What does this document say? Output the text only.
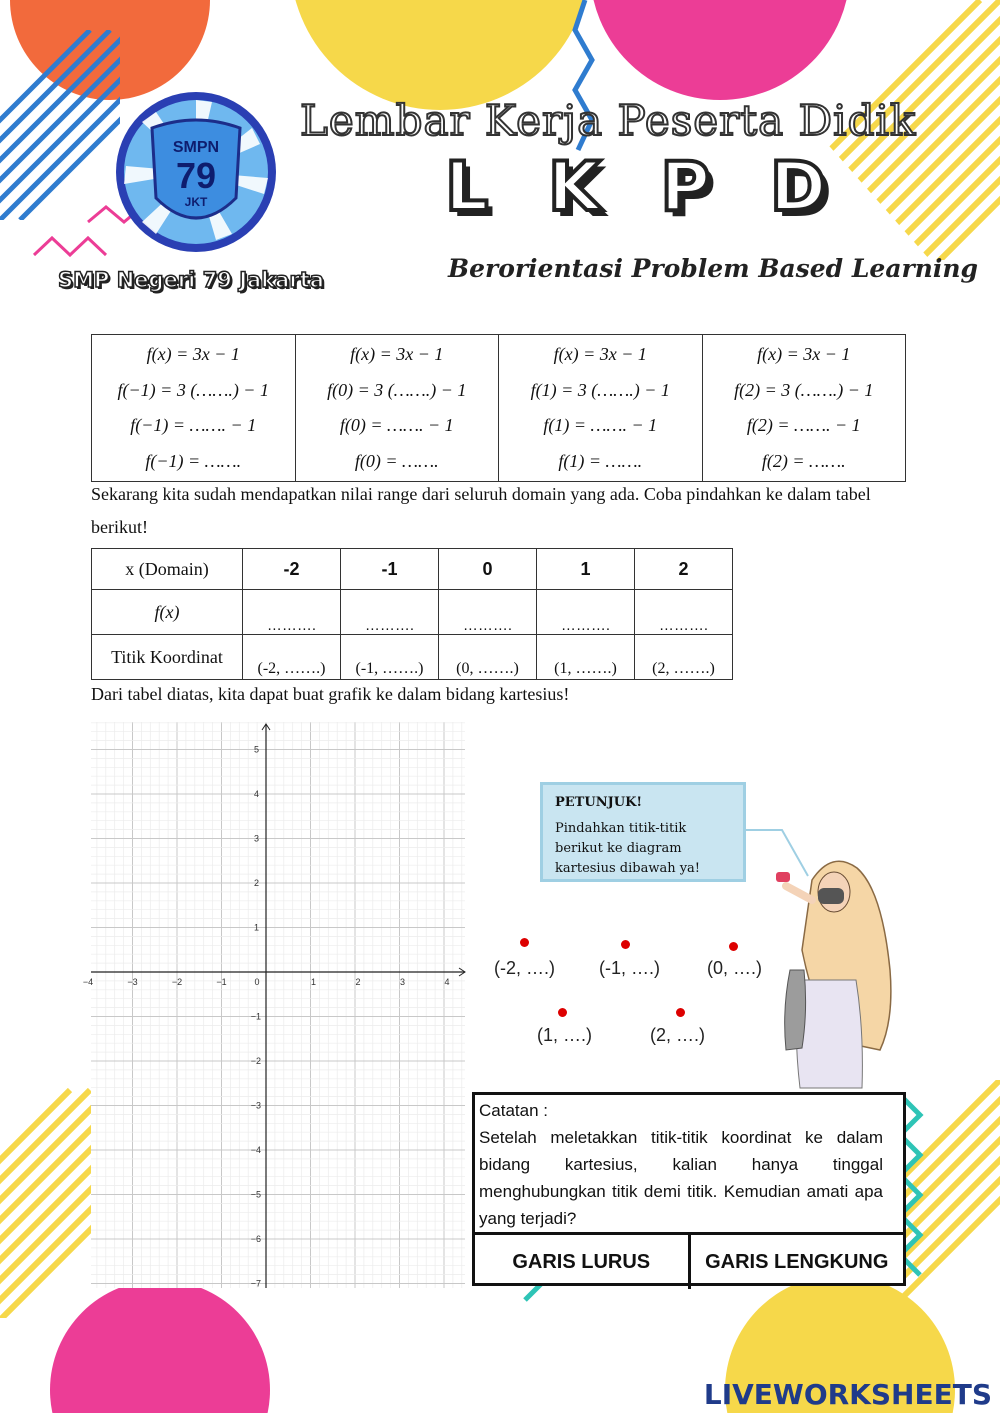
SMPN
79
JKT
Lembar Kerja Peserta Didik
L K P D
Berorientasi Problem Based Learning
SMP Negeri 79 Jakarta
f(x) = 3x − 1
f(−1) = 3 (…….) − 1
f(−1) = ……. − 1
f(−1) = …….

f(x) = 3x − 1
f(0) = 3 (…….) − 1
f(0) = ……. − 1
f(0) = …….

f(x) = 3x − 1
f(1) = 3 (…….) − 1
f(1) = ……. − 1
f(1) = …….

f(x) = 3x − 1
f(2) = 3 (…….) − 1
f(2) = ……. − 1
f(2) = …….
Sekarang kita sudah mendapatkan nilai range dari seluruh domain yang ada. Coba pindahkan ke dalam tabel berikut!
x (Domain)	-2	-1	0	1	2
f(x)	……….	……….	……….	……….	……….
Titik Koordinat	(-2, …….)	(-1, …….)	(0, …….)	(1, …….)	(2, …….)
Dari tabel diatas, kita dapat buat grafik ke dalam bidang kartesius!
−4	−3	−2	−1	0	1	2	3	4
5
4
3
2
1
−1
−2
−3
−4
−5
−6
−7
PETUNJUK!
Pindahkan titik-titik berikut ke diagram kartesius dibawah ya!
(-2, ….) (-1, ….)	(0, ….)
(1, ….)	(2, ….)
Catatan :
Setelah meletakkan titik-titik koordinat ke dalam bidang kartesius, kalian hanya tinggal menghubungkan titik demi titik. Kemudian amati apa yang terjadi?
GARIS LURUS	GARIS LENGKUNG
LIVEWORKSHEETS
